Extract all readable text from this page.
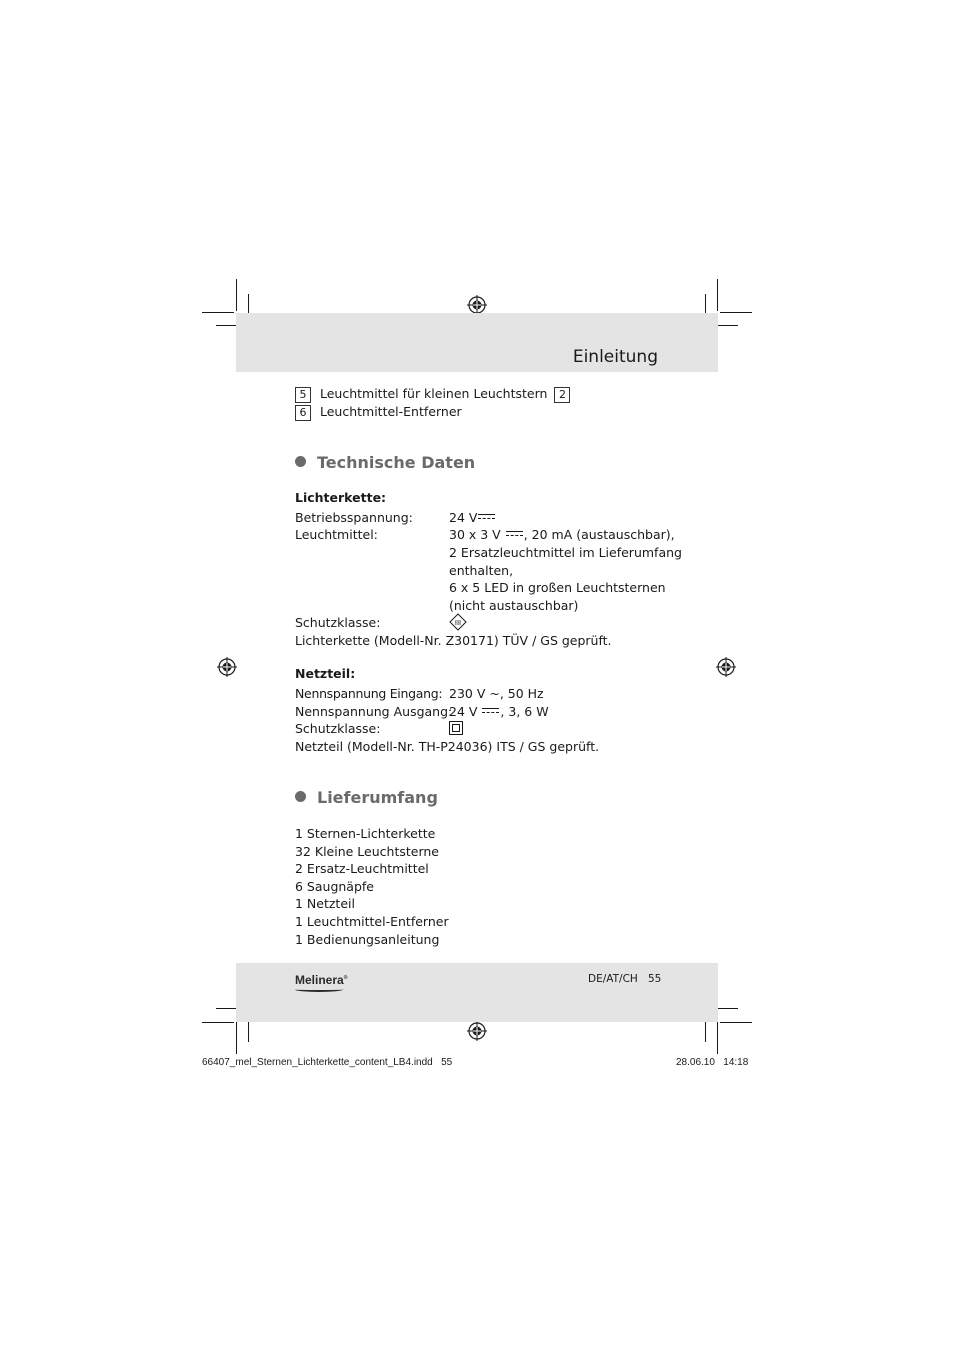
Einleitung
5 Leuchtmittel für kleinen Leuchtstern 2
6 Leuchtmittel-Entferner
Technische Daten
Lichterkette:
Betriebsspannung:	24 V
Leuchtmittel:	30 x 3 V , 20 mA (austauschbar),
2 Ersatzleuchtmittel im Lieferumfang
enthalten,
6 x 5 LED in großen Leuchtsternen
(nicht austauschbar)
Schutzklasse:	III
Lichterkette (Modell-Nr. Z30171) TÜV / GS geprüft.
Netzteil:
Nennspannung Eingang: 230 V ~, 50 Hz
Nennspannung Ausgang:
24 V , 3, 6 W
Schutzklasse:
Netzteil (Modell-Nr. TH-P24036) ITS / GS geprüft.
Lieferumfang
1 Sternen-Lichterkette
32 Kleine Leuchtsterne
2 Ersatz-Leuchtmittel
6 Saugnäpfe
1 Netzteil
1 Leuchtmittel-Entferner
1 Bedienungsanleitung
Melinera®	DE/AT/CH 55
66407_mel_Sternen_Lichterkette_content_LB4.indd   55	28.06.10   14:18
